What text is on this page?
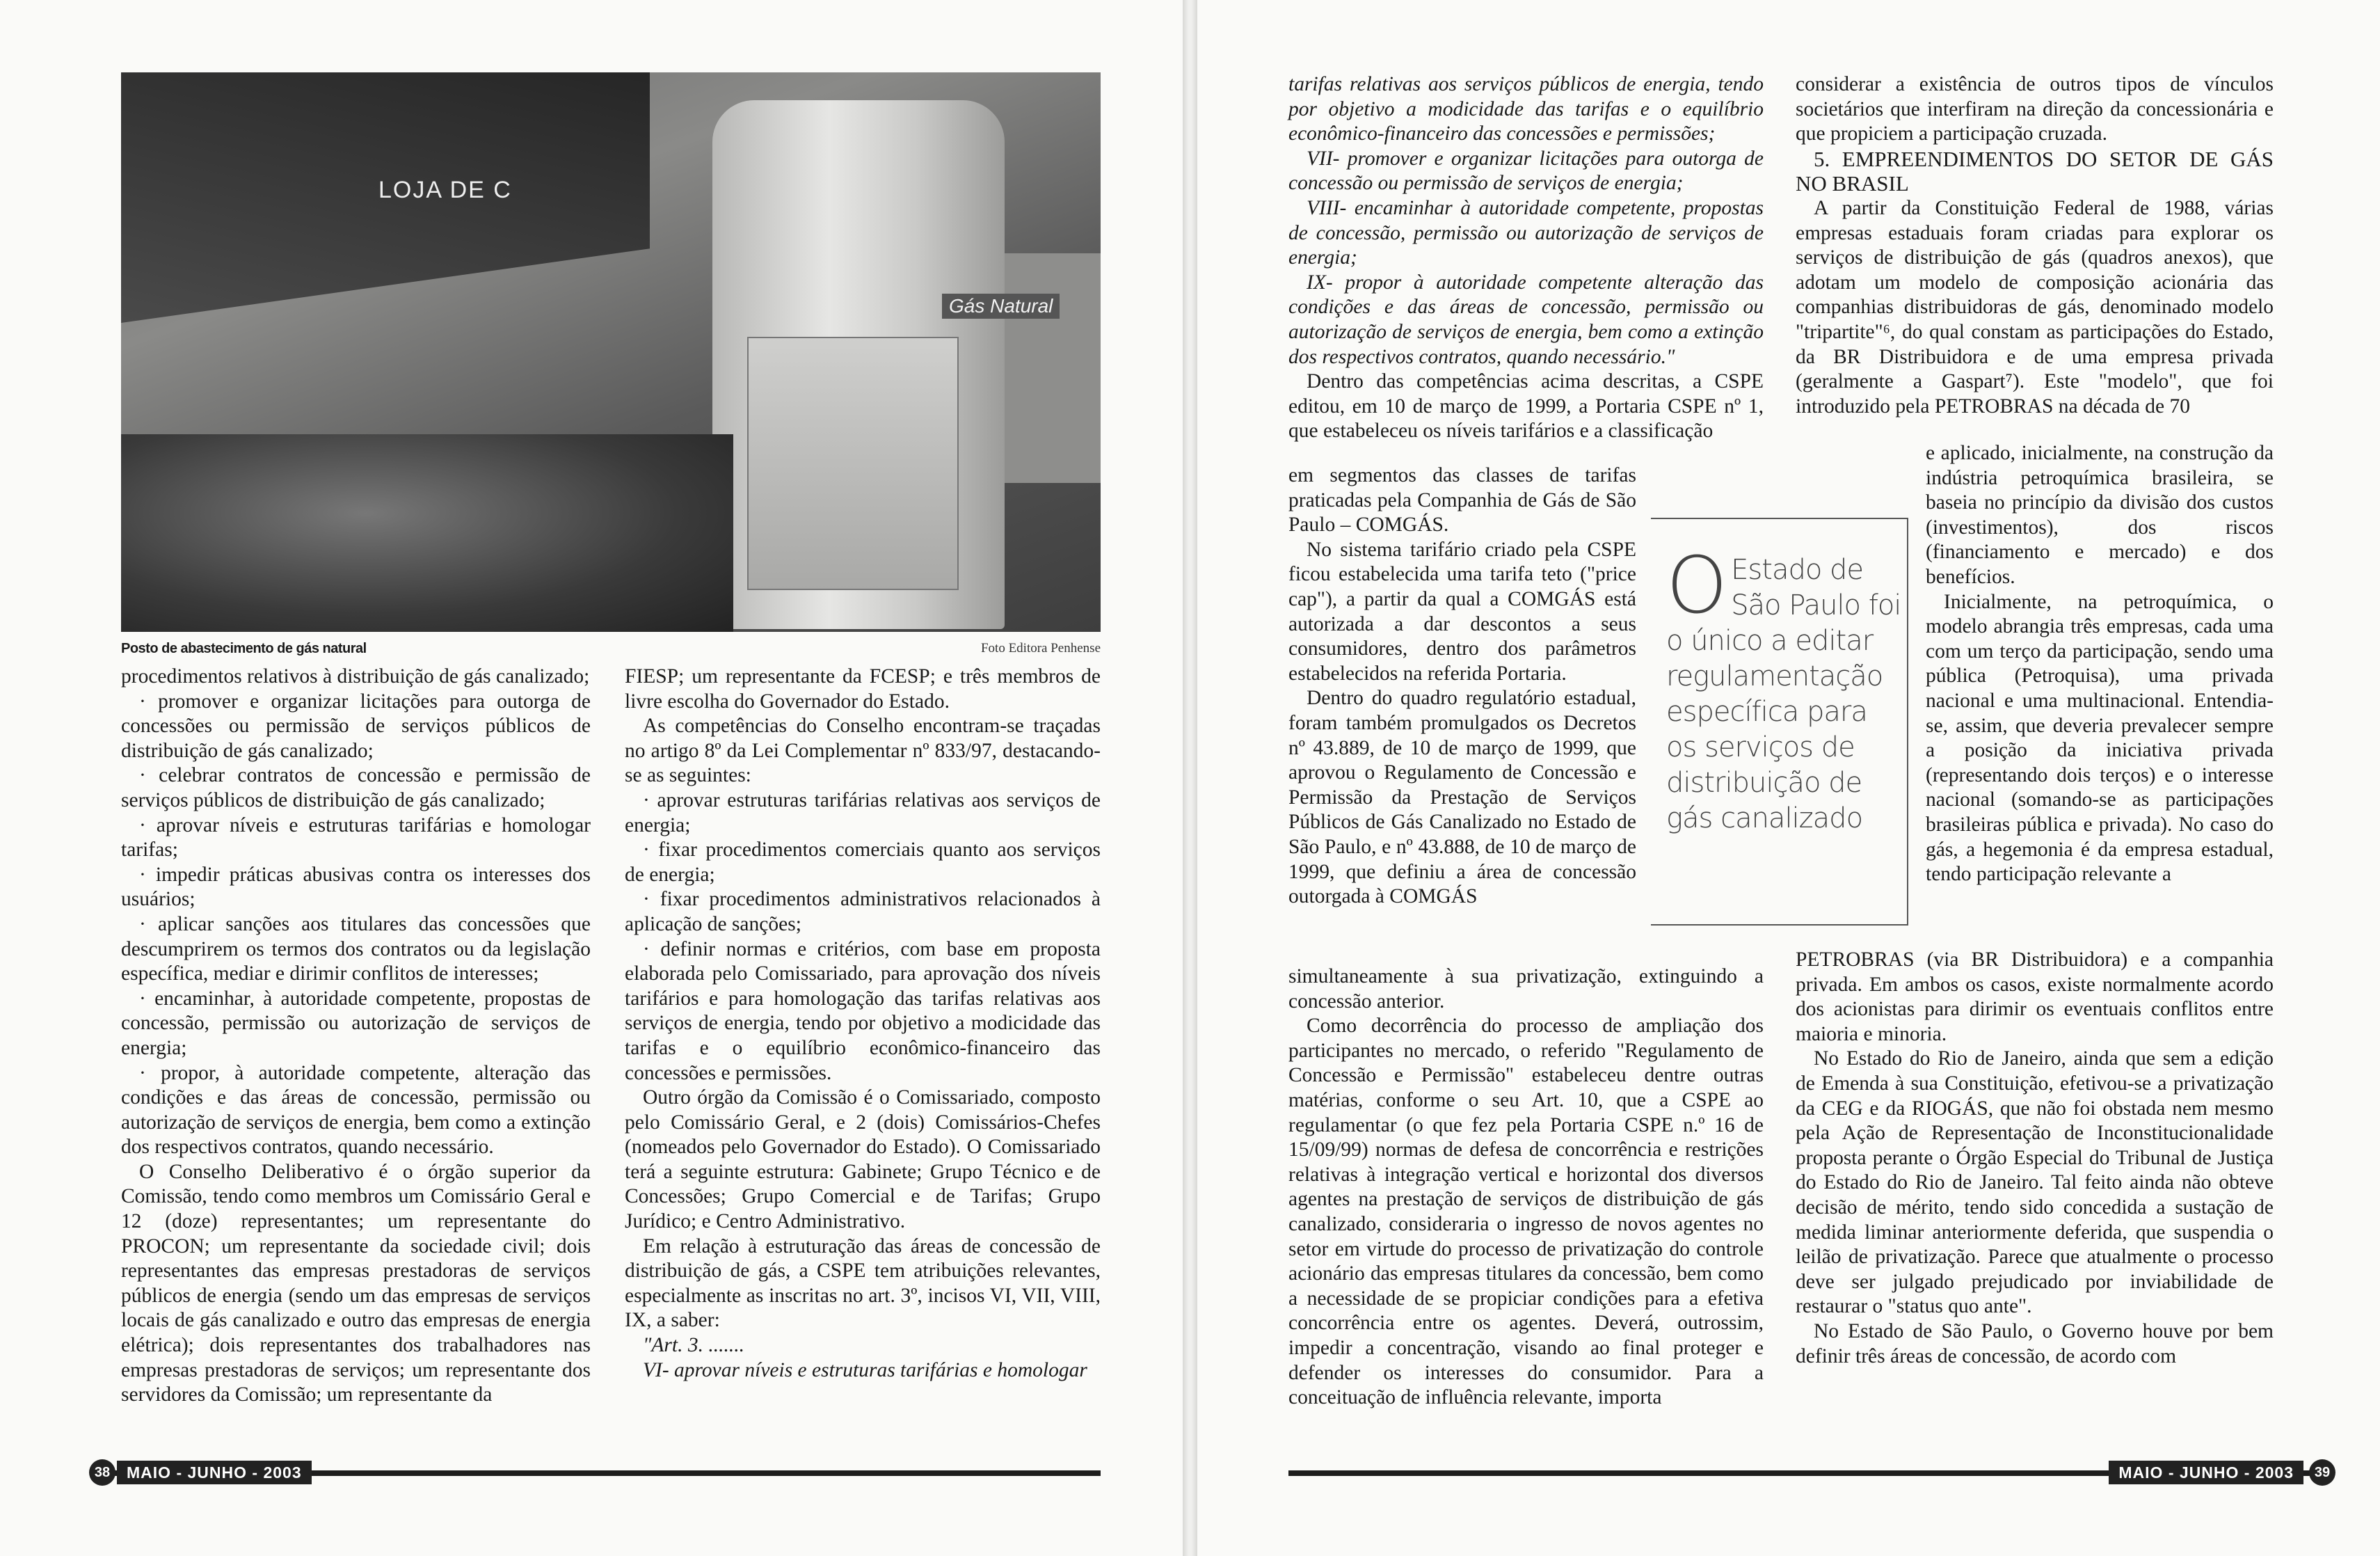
LOJA DE C
Gás Natural
Posto de abastecimento de gás natural	Foto Editora Penhense

procedimentos relativos à distribuição de gás canalizado;

· promover e organizar licitações para outorga de concessões ou permissão de serviços públicos de distribuição de gás canalizado;

· celebrar contratos de concessão e permissão de serviços públicos de distribuição de gás canalizado;

· aprovar níveis e estruturas tarifárias e homologar tarifas;

· impedir práticas abusivas contra os interesses dos usuários;

· aplicar sanções aos titulares das concessões que descumprirem os termos dos contratos ou da legislação específica, mediar e dirimir conflitos de interesses;

· encaminhar, à autoridade competente, propostas de concessão, permissão ou autorização de serviços de energia;

· propor, à autoridade competente, alteração das condições e das áreas de concessão, permissão ou autorização de serviços de energia, bem como a extinção dos respectivos contratos, quando necessário.

O Conselho Deliberativo é o órgão superior da Comissão, tendo como membros um Comissário Geral e 12 (doze) representantes; um representante do PROCON; um representante da sociedade civil; dois representantes das empresas prestadoras de serviços públicos de energia (sendo um das empresas de serviços locais de gás canalizado e outro das empresas de energia elétrica); dois representantes dos trabalhadores nas empresas prestadoras de serviços; um representante dos servidores da Comissão; um representante da

FIESP; um representante da FCESP; e três membros de livre escolha do Governador do Estado.

As competências do Conselho encontram-se traçadas no artigo 8º da Lei Complementar nº 833/97, destacando-se as seguintes:

· aprovar estruturas tarifárias relativas aos serviços de energia;

· fixar procedimentos comerciais quanto aos serviços de energia;

· fixar procedimentos administrativos relacionados à aplicação de sanções;

· definir normas e critérios, com base em proposta elaborada pelo Comissariado, para aprovação dos níveis tarifários e para homologação das tarifas relativas aos serviços de energia, tendo por objetivo a modicidade das tarifas e o equilíbrio econômico-financeiro das concessões e permissões.

Outro órgão da Comissão é o Comissariado, composto pelo Comissário Geral, e 2 (dois) Comissários-Chefes (nomeados pelo Governador do Estado). O Comissariado terá a seguinte estrutura: Gabinete; Grupo Técnico e de Concessões; Grupo Comercial e de Tarifas; Grupo Jurídico; e Centro Administrativo.

Em relação à estruturação das áreas de concessão de distribuição de gás, a CSPE tem atribuições relevantes, especialmente as inscritas no art. 3º, incisos VI, VII, VIII, IX, a saber:

"Art. 3. .......

VI- aprovar níveis e estruturas tarifárias e homologar

38	MAIO - JUNHO - 2003

tarifas relativas aos serviços públicos de energia, tendo por objetivo a modicidade das tarifas e o equilíbrio econômico-financeiro das concessões e permissões;

VII- promover e organizar licitações para outorga de concessão ou permissão de serviços de energia;

VIII- encaminhar à autoridade competente, propostas de concessão, permissão ou autorização de serviços de energia;

IX- propor à autoridade competente alteração das condições e das áreas de concessão, permissão ou autorização de serviços de energia, bem como a extinção dos respectivos contratos, quando necessário."

Dentro das competências acima descritas, a CSPE editou, em 10 de março de 1999, a Portaria CSPE nº 1, que estabeleceu os níveis tarifários e a classificação

em segmentos das classes de tarifas praticadas pela Companhia de Gás de São Paulo – COMGÁS.

No sistema tarifário criado pela CSPE ficou estabelecida uma tarifa teto ("price cap"), a partir da qual a COMGÁS está autorizada a dar descontos a seus consumidores, dentro dos parâmetros estabelecidos na referida Portaria.

Dentro do quadro regulatório estadual, foram também promulgados os Decretos nº 43.889, de 10 de março de 1999, que aprovou o Regulamento de Concessão e Permissão da Prestação de Serviços Públicos de Gás Canalizado no Estado de São Paulo, e nº 43.888, de 10 de março de 1999, que definiu a área de concessão outorgada à COMGÁS

simultaneamente à sua privatização, extinguindo a concessão anterior.

Como decorrência do processo de ampliação dos participantes no mercado, o referido "Regulamento de Concessão e Permissão" estabeleceu dentre outras matérias, conforme o seu Art. 10, que a CSPE ao regulamentar (o que fez pela Portaria CSPE n.º 16 de 15/09/99) normas de defesa de concorrência e restrições relativas à integração vertical e horizontal dos diversos agentes na prestação de serviços de distribuição de gás canalizado, consideraria o ingresso de novos agentes no setor em virtude do processo de privatização do controle acionário das empresas titulares da concessão, bem como a necessidade de se propiciar condições para a efetiva concorrência entre os agentes. Deverá, outrossim, impedir a concentração, visando ao final proteger e defender os interesses do consumidor. Para a conceituação de influência relevante, importa

O Estado de São Paulo foi o único a editar regulamentação específica para os serviços de distribuição de gás canalizado

considerar a existência de outros tipos de vínculos societários que interfiram na direção da concessionária e que propiciem a participação cruzada.

5. EMPREENDIMENTOS DO SETOR DE GÁS NO BRASIL

A partir da Constituição Federal de 1988, várias empresas estaduais foram criadas para explorar os serviços de distribuição de gás (quadros anexos), que adotam um modelo de composição acionária das companhias distribuidoras de gás, denominado modelo "tripartite"⁶, do qual constam as participações do Estado, da BR Distribuidora e de uma empresa privada (geralmente a Gaspart⁷). Este "modelo", que foi introduzido pela PETROBRAS na década de 70

e aplicado, inicialmente, na construção da indústria petroquímica brasileira, se baseia no princípio da divisão dos custos (investimentos), dos riscos (financiamento e mercado) e dos benefícios.

Inicialmente, na petroquímica, o modelo abrangia três empresas, cada uma com um terço da participação, sendo uma pública (Petroquisa), uma privada nacional e uma multinacional. Entendia-se, assim, que deveria prevalecer sempre a posição da iniciativa privada (representando dois terços) e o interesse nacional (somando-se as participações brasileiras pública e privada). No caso do gás, a hegemonia é da empresa estadual, tendo participação relevante a

PETROBRAS (via BR Distribuidora) e a companhia privada. Em ambos os casos, existe normalmente acordo dos acionistas para dirimir os eventuais conflitos entre maioria e minoria.

No Estado do Rio de Janeiro, ainda que sem a edição de Emenda à sua Constituição, efetivou-se a privatização da CEG e da RIOGÁS, que não foi obstada nem mesmo pela Ação de Representação de Inconstitucionalidade proposta perante o Órgão Especial do Tribunal de Justiça do Estado do Rio de Janeiro. Tal feito ainda não obteve decisão de mérito, tendo sido concedida a sustação de medida liminar anteriormente deferida, que suspendia o leilão de privatização. Parece que atualmente o processo deve ser julgado prejudicado por inviabilidade de restaurar o "status quo ante".

No Estado de São Paulo, o Governo houve por bem definir três áreas de concessão, de acordo com

MAIO - JUNHO - 2003	39
